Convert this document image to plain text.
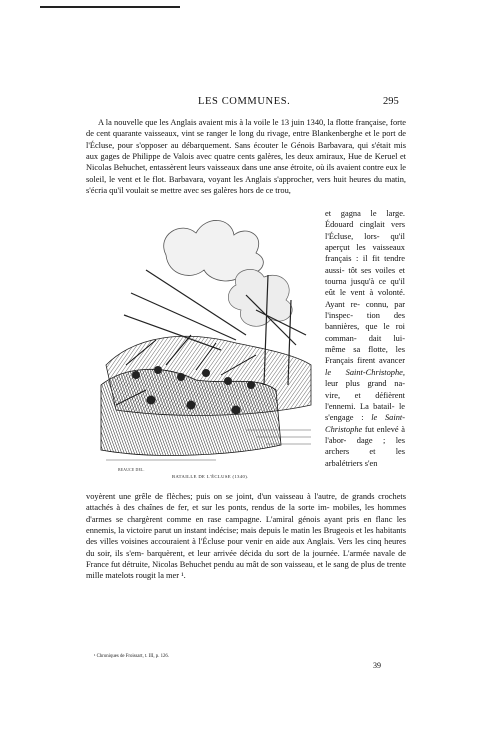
LES COMMUNES.	295
A la nouvelle que les Anglais avaient mis à la voile le 13 juin 1340, la flotte française, forte de cent quarante vaisseaux, vint se ranger le long du rivage, entre Blankenberghe et le port de l'Écluse, pour s'opposer au débarquement. Sans écouter le Génois Barbavara, qui s'était mis aux gages de Philippe de Valois avec quatre cents galères, les deux amiraux, Hue de Keruel et Nicolas Behuchet, entassèrent leurs vaisseaux dans une anse étroite, où ils avaient contre eux le soleil, le vent et le flot. Barbavara, voyant les Anglais s'approcher, vers huit heures du matin, s'écria qu'il voulait se mettre avec ses galères hors de ce trou,
et gagna le large. Édouard cinglait vers l'Écluse, lors- qu'il aperçut les vaisseaux français : il fit tendre aussi- tôt ses voiles et tourna jusqu'à ce qu'il eût le vent à volonté. Ayant re- connu, par l'inspec- tion des bannières, que le roi comman- dait lui-même sa flotte, les Français firent avancer le Saint-Christophe, leur plus grand na- vire, et défièrent l'ennemi. La batail- le s'engage : le Saint-Christophe fut enlevé à l'abor- dage ; les archers et les arbalétriers s'en
BEAUCE DEL.
BATAILLE DE L'ÉCLUSE (1340).
voyèrent une grêle de flèches; puis on se joint, d'un vaisseau à l'autre, de grands crochets attachés à des chaînes de fer, et sur les ponts, rendus de la sorte im- mobiles, les hommes d'armes se chargèrent comme en rase campagne. L'amiral génois ayant pris en flanc les ennemis, la victoire parut un instant indécise; mais depuis le matin les Brugeois et les habitants des villes voisines accouraient à l'Écluse pour venir en aide aux Anglais. Vers les cinq heures du soir, ils s'em- barquèrent, et leur arrivée décida du sort de la journée. L'armée navale de France fut détruite, Nicolas Behuchet pendu au mât de son vaisseau, et le sang de plus de trente mille matelots rougit la mer ¹.
¹ Chroniques de Froissart, t. III, p. 126.
39
